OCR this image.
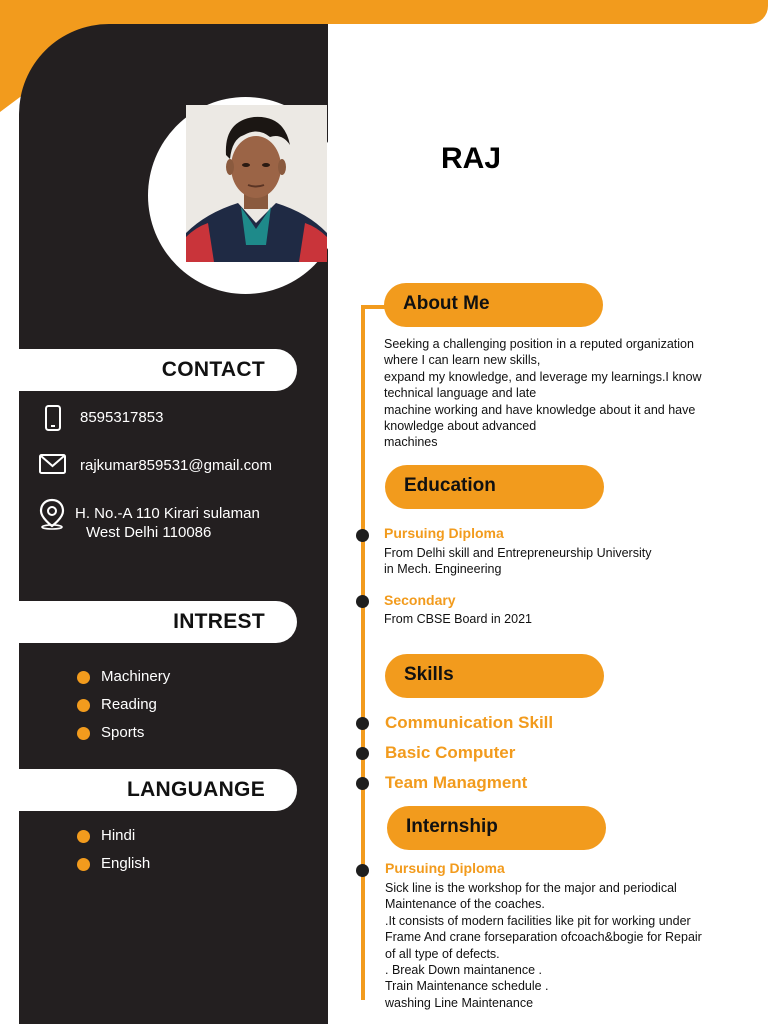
CONTACT
8595317853
rajkumar859531@gmail.com
H. No.-A 110 Kirari sulaman
West Delhi 110086
INTREST
Machinery
Reading
Sports
LANGUANGE
Hindi
English
RAJ
About Me
Seeking a challenging position in a reputed organization
where I can learn new skills,
expand my knowledge, and leverage my learnings.I know
technical language and late
machine working and have knowledge about it and have
knowledge about advanced
machines
Education
Pursuing Diploma
From Delhi skill and Entrepreneurship University
in Mech. Engineering
Secondary
From CBSE Board in 2021
Skills
Communication Skill
Basic Computer
Team Managment
Internship
Pursuing Diploma
Sick line is the workshop for the major and periodical
Maintenance of the coaches.
.It consists of modern facilities like pit for working under
Frame And crane forseparation ofcoach&bogie for Repair
of all type of defects.
. Break Down maintanence .
Train Maintenance schedule .
washing Line Maintenance
